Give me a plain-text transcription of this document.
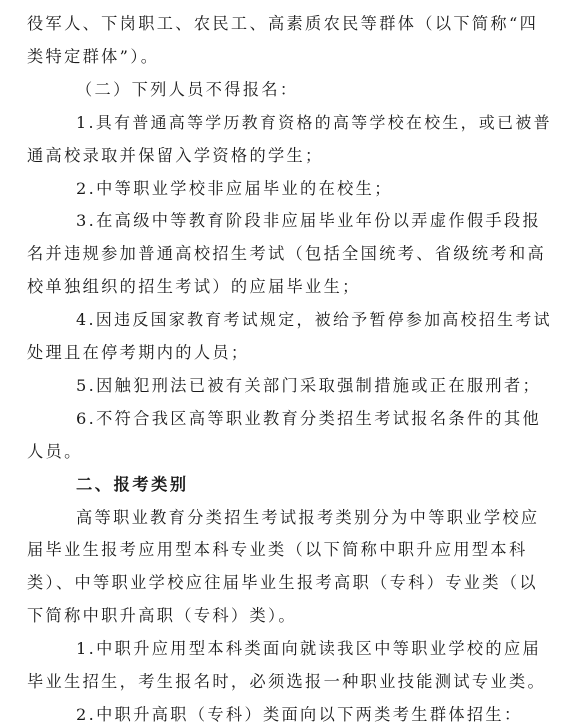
役军人、下岗职工、农民工、高素质农民等群体（以下简称“四
类特定群体”）。
（二）下列人员不得报名：
1.具有普通高等学历教育资格的高等学校在校生，或已被普
通高校录取并保留入学资格的学生；
2.中等职业学校非应届毕业的在校生；
3.在高级中等教育阶段非应届毕业年份以弄虚作假手段报
名并违规参加普通高校招生考试（包括全国统考、省级统考和高
校单独组织的招生考试）的应届毕业生；
4.因违反国家教育考试规定，被给予暂停参加高校招生考试
处理且在停考期内的人员；
5.因触犯刑法已被有关部门采取强制措施或正在服刑者；
6.不符合我区高等职业教育分类招生考试报名条件的其他
人员。
二、报考类别
高等职业教育分类招生考试报考类别分为中等职业学校应
届毕业生报考应用型本科专业类（以下简称中职升应用型本科
类）、中等职业学校应往届毕业生报考高职（专科）专业类（以
下简称中职升高职（专科）类）。
1.中职升应用型本科类面向就读我区中等职业学校的应届
毕业生招生，考生报名时，必须选报一种职业技能测试专业类。
2.中职升高职（专科）类面向以下两类考生群体招生：
